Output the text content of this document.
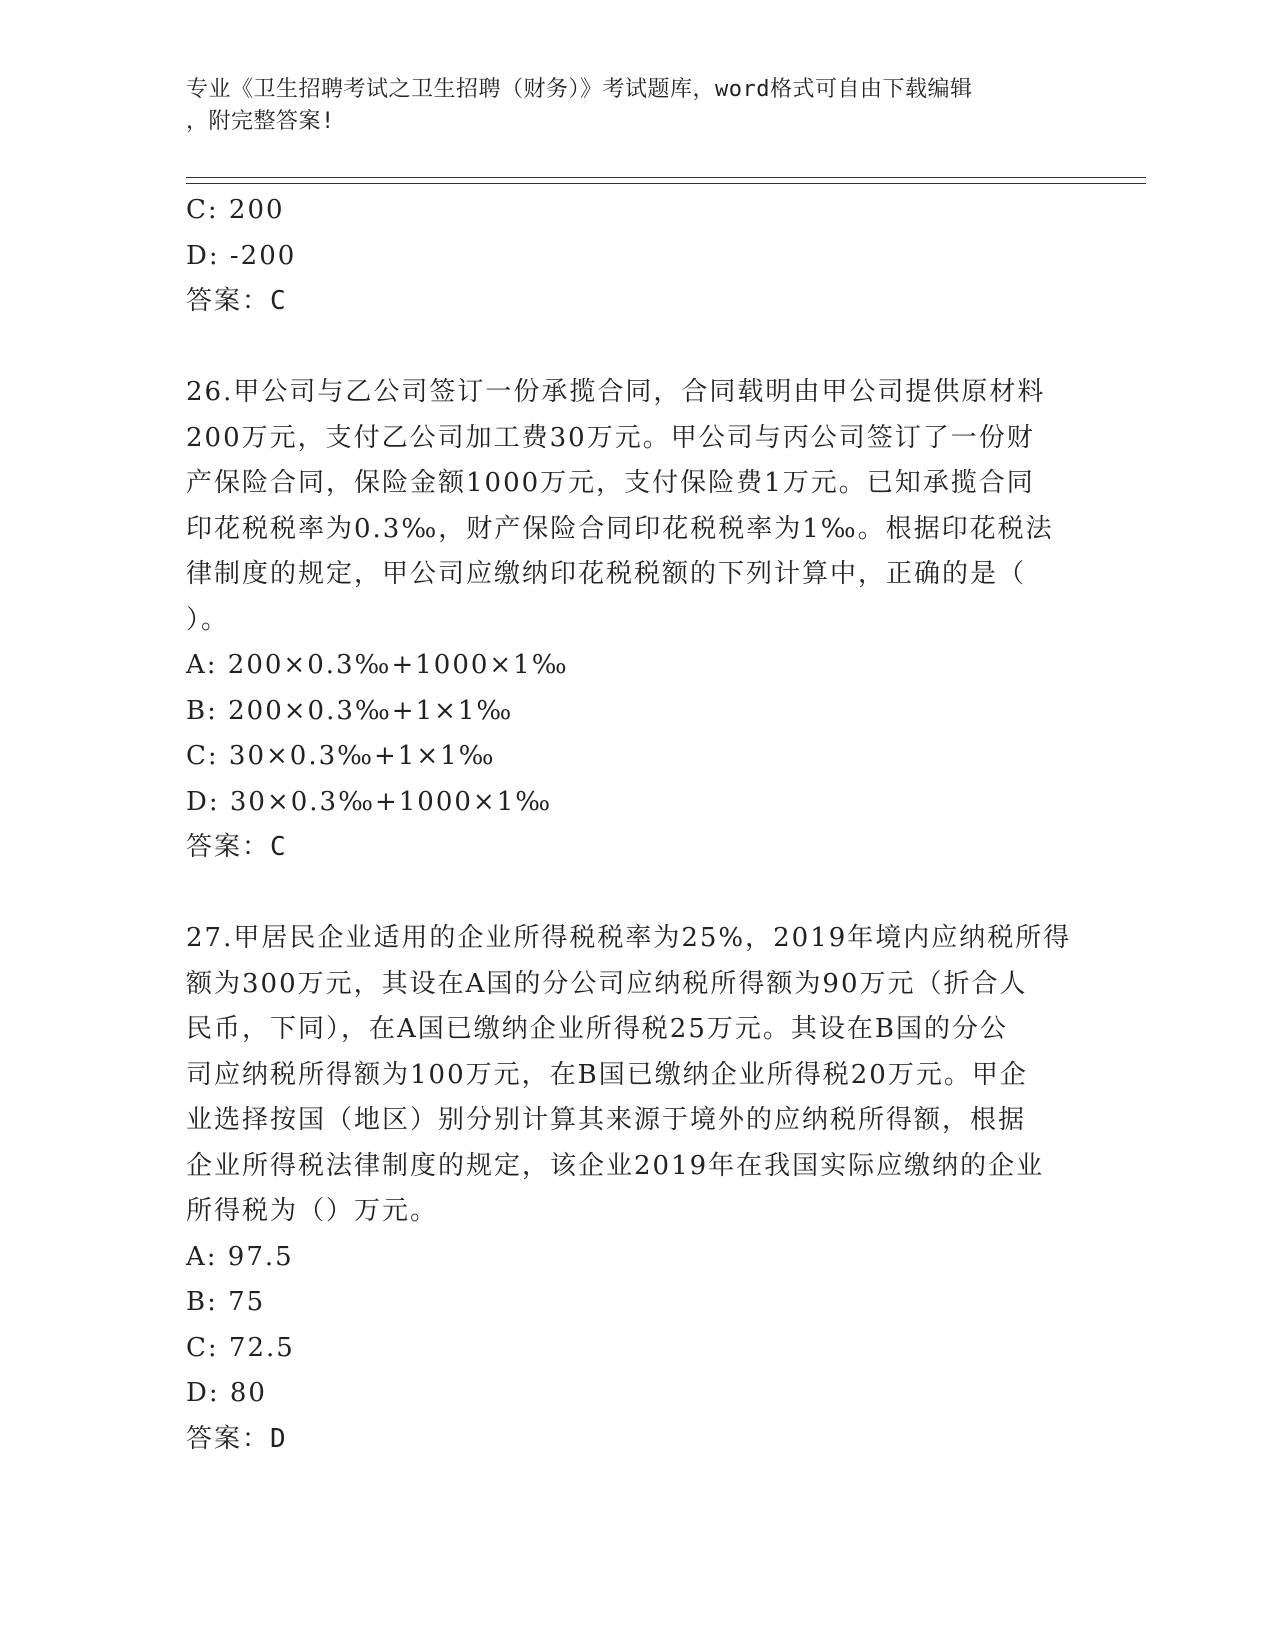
专业《卫生招聘考试之卫生招聘（财务）》考试题库，word格式可自由下载编辑
，附完整答案!
C: 200
D: -200
答案：C
26.甲公司与乙公司签订一份承揽合同，合同载明由甲公司提供原材料
200万元，支付乙公司加工费30万元。甲公司与丙公司签订了一份财
产保险合同，保险金额1000万元，支付保险费1万元。已知承揽合同
印花税税率为0.3‰，财产保险合同印花税税率为1‰。根据印花税法
律制度的规定，甲公司应缴纳印花税税额的下列计算中，正确的是（
）。
A: 200×0.3‰+1000×1‰
B: 200×0.3‰+1×1‰
C: 30×0.3‰+1×1‰
D: 30×0.3‰+1000×1‰
答案：C
27.甲居民企业适用的企业所得税税率为25%，2019年境内应纳税所得
额为300万元，其设在A国的分公司应纳税所得额为90万元（折合人
民币，下同），在A国已缴纳企业所得税25万元。其设在B国的分公
司应纳税所得额为100万元，在B国已缴纳企业所得税20万元。甲企
业选择按国（地区）别分别计算其来源于境外的应纳税所得额，根据
企业所得税法律制度的规定，该企业2019年在我国实际应缴纳的企业
所得税为（）万元。
A: 97.5
B: 75
C: 72.5
D: 80
答案：D
